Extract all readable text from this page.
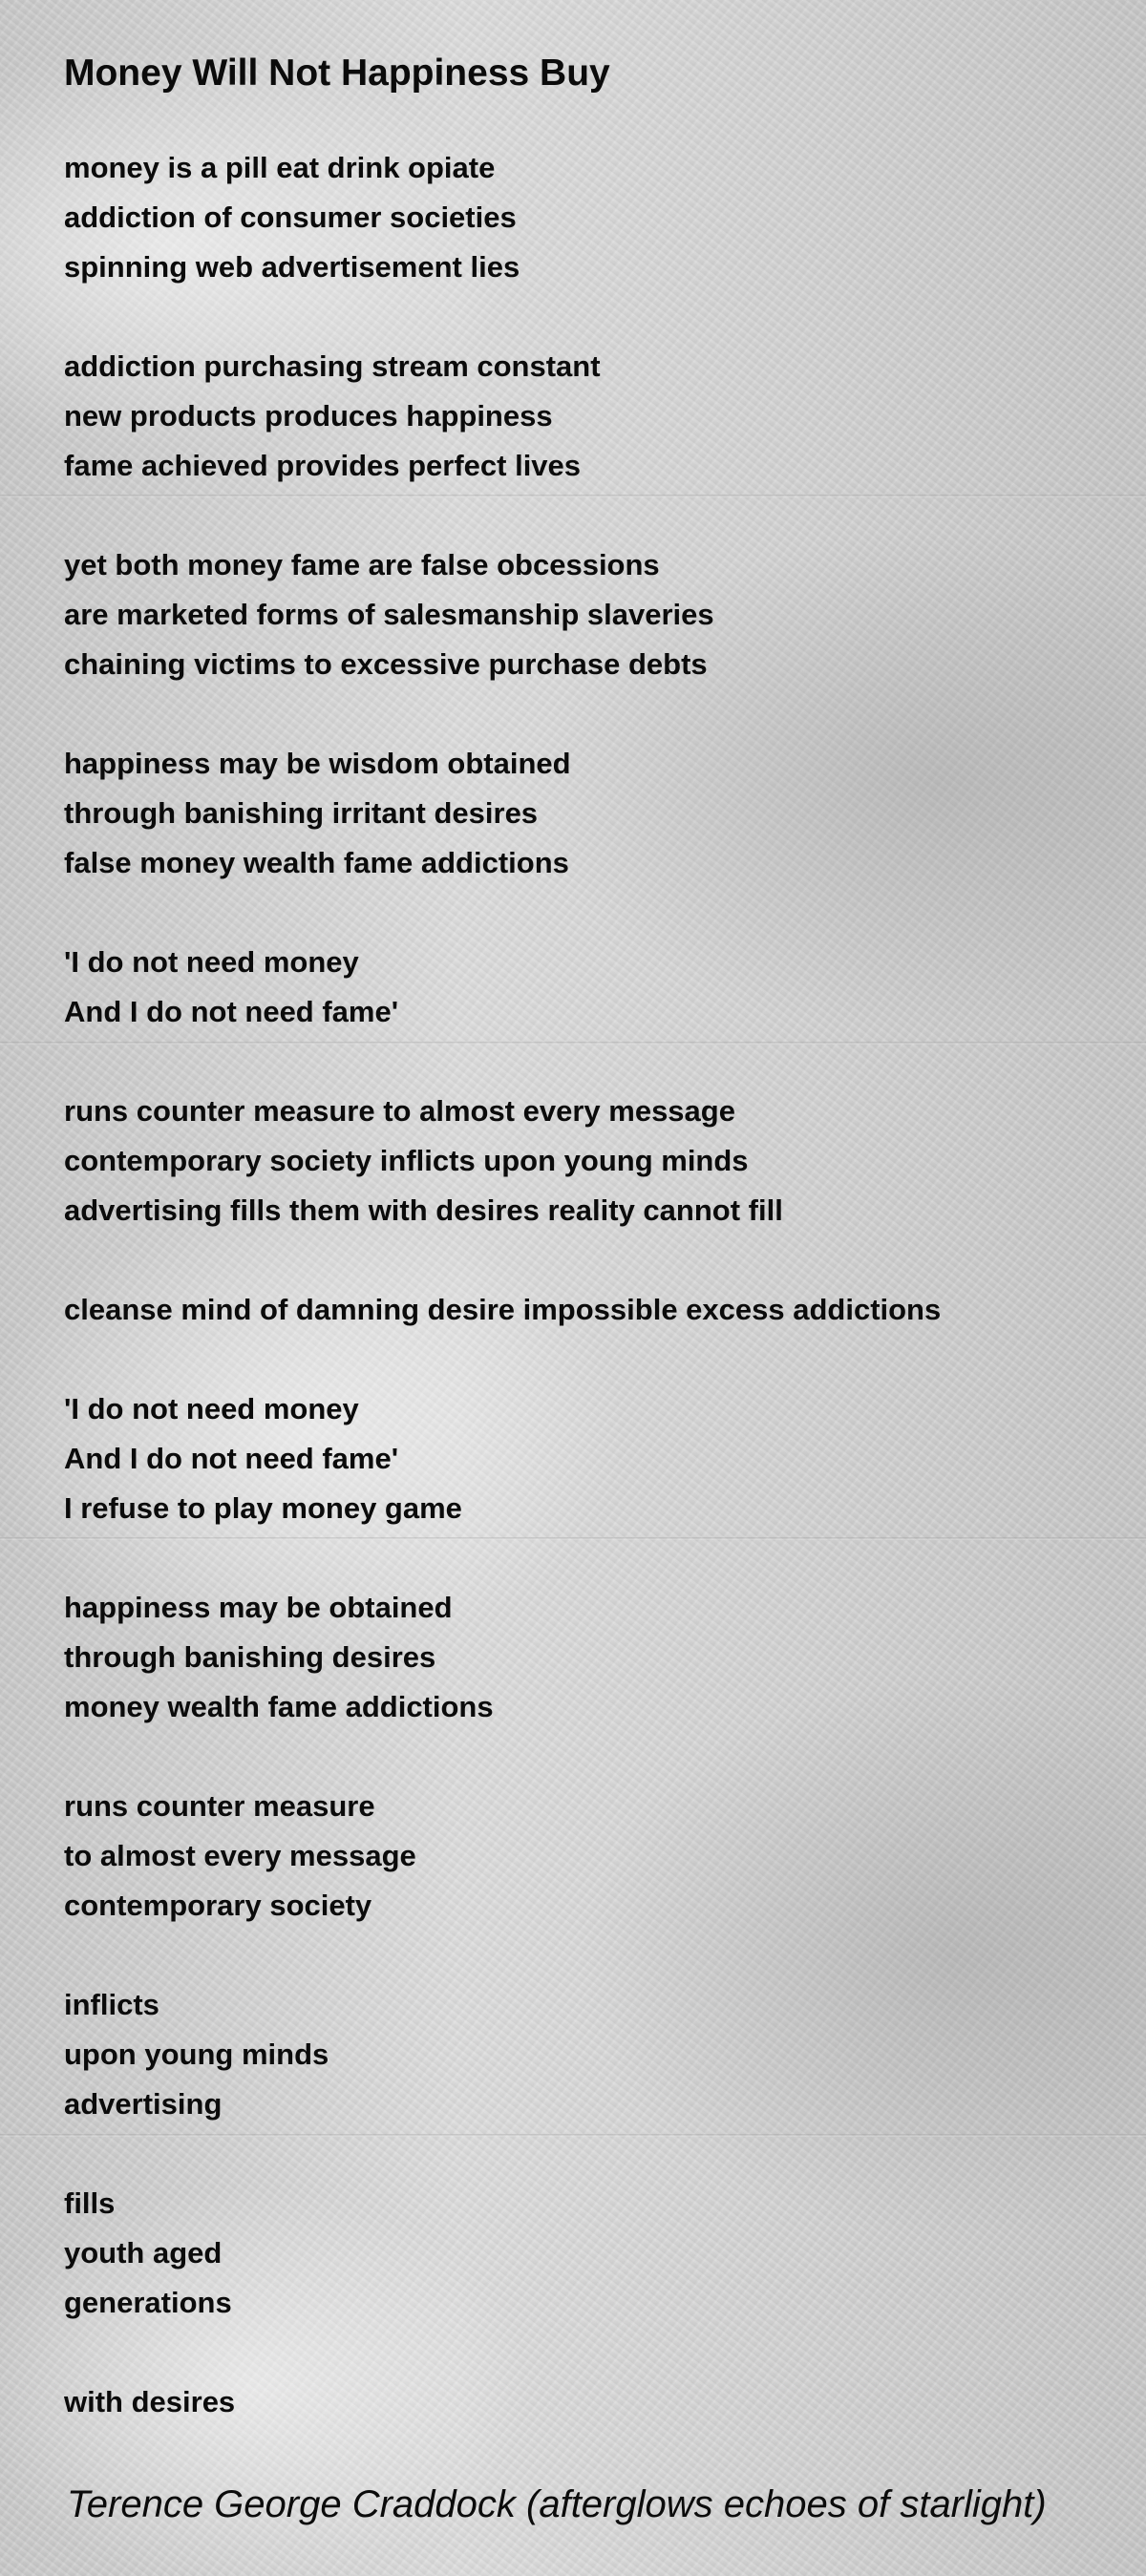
Money Will Not Happiness Buy
money is a pill eat drink opiate
addiction of consumer societies
spinning web advertisement lies
addiction purchasing stream constant
new products produces happiness
fame achieved provides perfect lives
yet both money fame are false obcessions
are marketed forms of salesmanship slaveries
chaining victims to excessive purchase debts
happiness may be wisdom obtained
through banishing irritant desires
false money wealth fame addictions
'I do not need money
And I do not need fame'
runs counter measure to almost every message
contemporary society inflicts upon young minds
advertising fills them with desires reality cannot fill
cleanse mind of damning desire impossible excess addictions
'I do not need money
And I do not need fame'
I refuse to play money game
happiness may be obtained
through banishing desires
money wealth fame addictions
runs counter measure
to almost every message
contemporary society
inflicts
upon young minds
advertising
fills
youth aged
generations
with desires

Terence George Craddock (afterglows echoes of starlight)
